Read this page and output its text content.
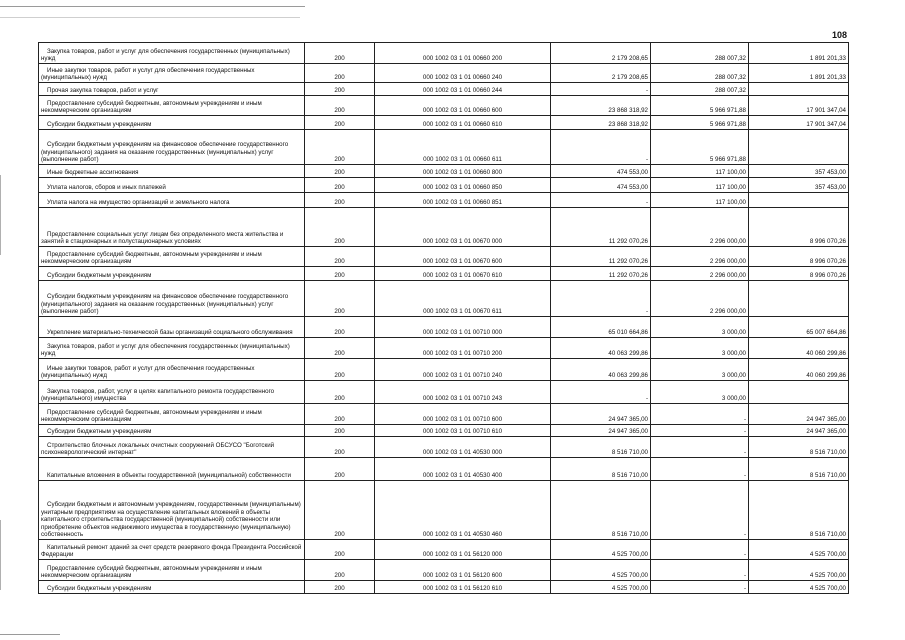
108
Закупка товаров, работ и услуг для обеспечения государственных (муниципальных) нужд	200	000 1002 03 1 01 00660 200	2 179 208,65	288 007,32	1 891 201,33
Иные закупки товаров, работ и услуг для обеспечения государственных (муниципальных) нужд	200	000 1002 03 1 01 00660 240	2 179 208,65	288 007,32	1 891 201,33
Прочая закупка товаров, работ и услуг	200	000 1002 03 1 01 00660 244	-	288 007,32	
Предоставление субсидий бюджетным, автономным учреждениям и иным некоммерческим организациям	200	000 1002 03 1 01 00660 600	23 868 318,92	5 966 971,88	17 901 347,04
Субсидии бюджетным учреждениям	200	000 1002 03 1 01 00660 610	23 868 318,92	5 966 971,88	17 901 347,04
Субсидии бюджетным учреждениям на финансовое обеспечение государственного (муниципального) задания на оказание государственных (муниципальных) услуг (выполнение работ)	200	000 1002 03 1 01 00660 611	-	5 966 971,88	
Иные бюджетные ассигнования	200	000 1002 03 1 01 00660 800	474 553,00	117 100,00	357 453,00
Уплата налогов, сборов и иных платежей	200	000 1002 03 1 01 00660 850	474 553,00	117 100,00	357 453,00
Уплата налога на имущество организаций и земельного налога	200	000 1002 03 1 01 00660 851	-	117 100,00	
Предоставление социальных услуг лицам без определенного места жительства и занятий в стационарных и полустационарных условиях	200	000 1002 03 1 01 00670 000	11 292 070,26	2 296 000,00	8 996 070,26
Предоставление субсидий бюджетным, автономным учреждениям и иным некоммерческим организациям	200	000 1002 03 1 01 00670 600	11 292 070,26	2 296 000,00	8 996 070,26
Субсидии бюджетным учреждениям	200	000 1002 03 1 01 00670 610	11 292 070,26	2 296 000,00	8 996 070,26
Субсидии бюджетным учреждениям на финансовое обеспечение государственного (муниципального) задания на оказание государственных (муниципальных) услуг (выполнение работ)	200	000 1002 03 1 01 00670 611	-	2 296 000,00	
Укрепление материально-технической базы организаций социального обслуживания	200	000 1002 03 1 01 00710 000	65 010 664,86	3 000,00	65 007 664,86
Закупка товаров, работ и услуг для обеспечения государственных (муниципальных) нужд	200	000 1002 03 1 01 00710 200	40 063 299,86	3 000,00	40 060 299,86
Иные закупки товаров, работ и услуг для обеспечения государственных (муниципальных) нужд	200	000 1002 03 1 01 00710 240	40 063 299,86	3 000,00	40 060 299,86
Закупка товаров, работ, услуг в целях капитального ремонта государственного (муниципального) имущества	200	000 1002 03 1 01 00710 243	-	3 000,00	
Предоставление субсидий бюджетным, автономным учреждениям и иным некоммерческим организациям	200	000 1002 03 1 01 00710 600	24 947 365,00	-	24 947 365,00
Субсидии бюджетным учреждениям	200	000 1002 03 1 01 00710 610	24 947 365,00	-	24 947 365,00
Строительство блочных локальных очистных сооружений ОБСУСО "Боготский психоневрологический интернат"	200	000 1002 03 1 01 40530 000	8 516 710,00	-	8 516 710,00
Капитальные вложения в объекты государственной (муниципальной) собственности	200	000 1002 03 1 01 40530 400	8 516 710,00	-	8 516 710,00
Субсидии бюджетным и автономным учреждениям, государственным (муниципальным) унитарным предприятиям на осуществление капитальных вложений в объекты капитального строительства государственной (муниципальной) собственности или приобретение объектов недвижимого имущества в государственную (муниципальную) собственность	200	000 1002 03 1 01 40530 460	8 516 710,00	-	8 516 710,00
Капитальный ремонт зданий за счет средств резервного фонда Президента Российской Федерации	200	000 1002 03 1 01 56120 000	4 525 700,00	-	4 525 700,00
Предоставление субсидий бюджетным, автономным учреждениям и иным некоммерческим организациям	200	000 1002 03 1 01 56120 600	4 525 700,00	-	4 525 700,00
Субсидии бюджетным учреждениям	200	000 1002 03 1 01 56120 610	4 525 700,00	-	4 525 700,00
